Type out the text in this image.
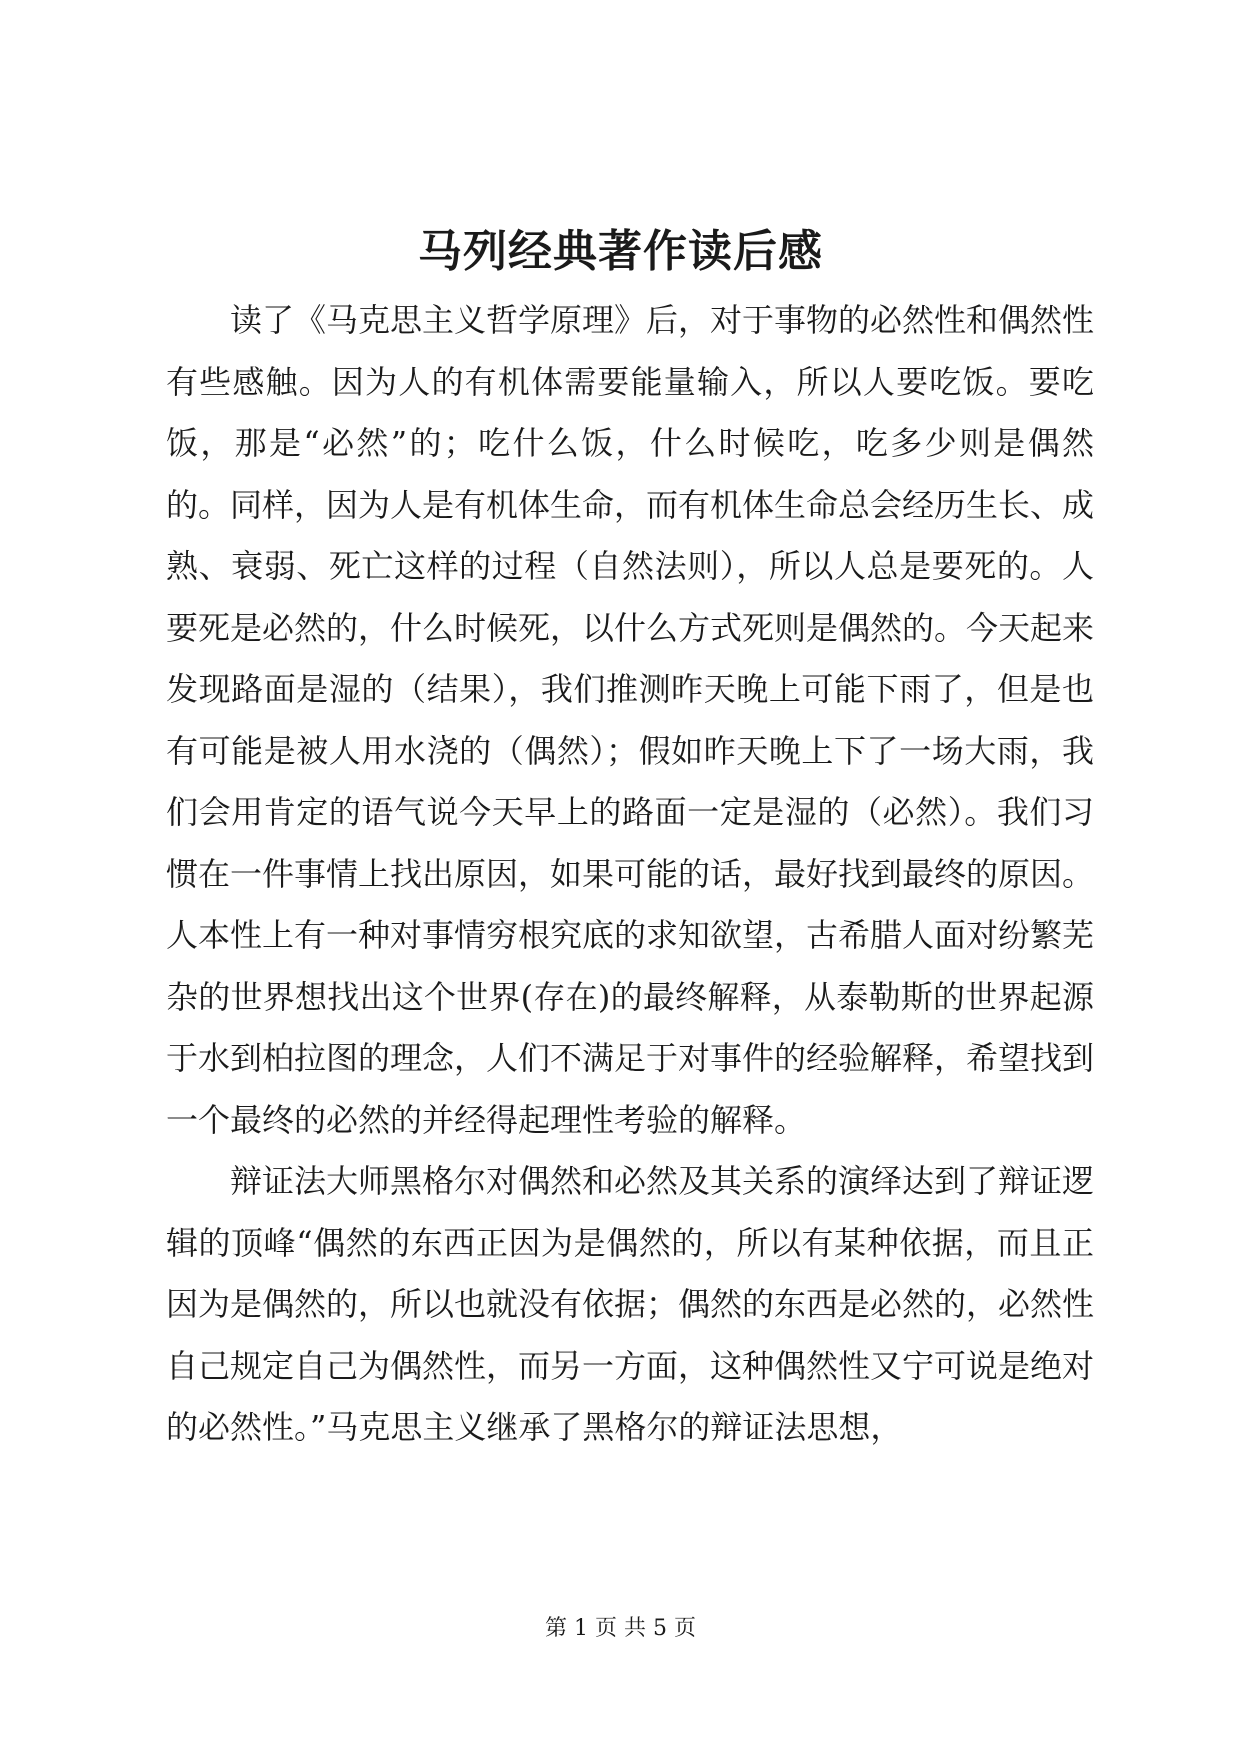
马列经典著作读后感

读了《马克思主义哲学原理》后，对于事物的必然性和偶然性有些感触。因为人的有机体需要能量输入，所以人要吃饭。要吃饭，那是“必然”的；吃什么饭，什么时候吃，吃多少则是偶然的。同样，因为人是有机体生命，而有机体生命总会经历生长、成熟、衰弱、死亡这样的过程（自然法则），所以人总是要死的。人要死是必然的，什么时候死，以什么方式死则是偶然的。今天起来发现路面是湿的（结果），我们推测昨天晚上可能下雨了，但是也有可能是被人用水浇的（偶然）；假如昨天晚上下了一场大雨，我们会用肯定的语气说今天早上的路面一定是湿的（必然）。我们习惯在一件事情上找出原因，如果可能的话，最好找到最终的原因。人本性上有一种对事情穷根究底的求知欲望，古希腊人面对纷繁芜杂的世界想找出这个世界(存在)的最终解释，从泰勒斯的世界起源于水到柏拉图的理念，人们不满足于对事件的经验解释，希望找到一个最终的必然的并经得起理性考验的解释。

辩证法大师黑格尔对偶然和必然及其关系的演绎达到了辩证逻辑的顶峰“偶然的东西正因为是偶然的，所以有某种依据，而且正因为是偶然的，所以也就没有依据；偶然的东西是必然的，必然性自己规定自己为偶然性，而另一方面，这种偶然性又宁可说是绝对的必然性。”马克思主义继承了黑格尔的辩证法思想，

第 1 页 共 5 页
